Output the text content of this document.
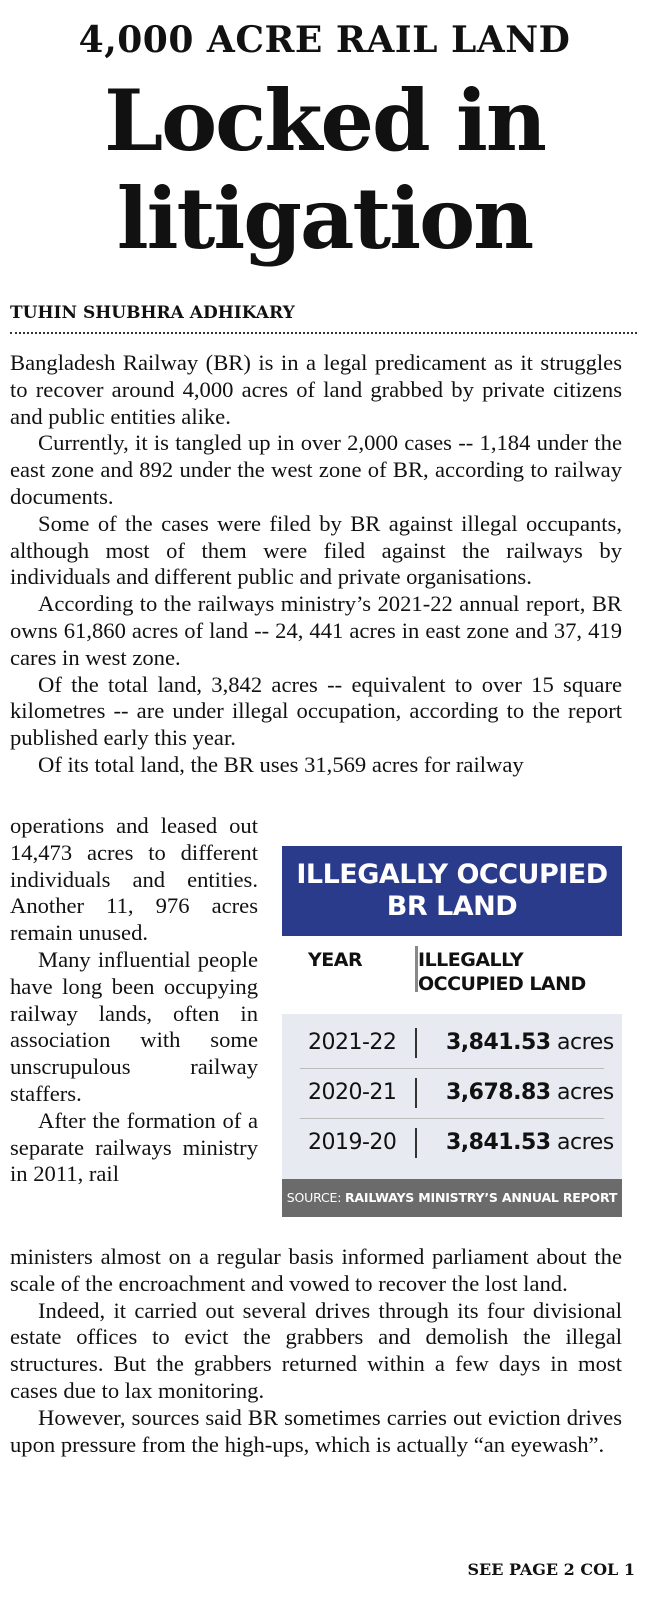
4,000 ACRE RAIL LAND
Locked in
litigation
TUHIN SHUBHRA ADHIKARY

Bangladesh Railway (BR) is in a legal predicament as it struggles to recover around 4,000 acres of land grabbed by private citizens and public entities alike.

Currently, it is tangled up in over 2,000 cases -- 1,184 under the east zone and 892 under the west zone of BR, according to railway documents.

Some of the cases were filed by BR against illegal occupants, although most of them were filed against the railways by individuals and different public and private organisations.

According to the railways ministry’s 2021-22 annual report, BR owns 61,860 acres of land -- 24, 441 acres in east zone and 37, 419 cares in west zone.

Of the total land, 3,842 acres -- equivalent to over 15 square kilometres -- are under illegal occupation, according to the report published early this year.

Of its total land, the BR uses 31,569 acres for railway

operations and leased out 14,473 acres to different individuals and entities. Another 11, 976 acres remain unused.

Many influential people have long been occupying railway lands, often in association with some unscrupulous railway staffers.

After the formation of a separate railways ministry in 2011, rail

ILLEGALLY OCCUPIED
BR LAND
YEAR	ILLEGALLY
OCCUPIED LAND
2021-22 3,841.53 acres
2020-21 3,678.83 acres
2019-20 3,841.53 acres
SOURCE: RAILWAYS MINISTRY’S ANNUAL REPORT

ministers almost on a regular basis informed parliament about the scale of the encroachment and vowed to recover the lost land.

Indeed, it carried out several drives through its four divisional estate offices to evict the grabbers and demolish the illegal structures. But the grabbers returned within a few days in most cases due to lax monitoring.

However, sources said BR sometimes carries out eviction drives upon pressure from the high-ups, which is actually “an eyewash”.

SEE PAGE 2 COL 1
